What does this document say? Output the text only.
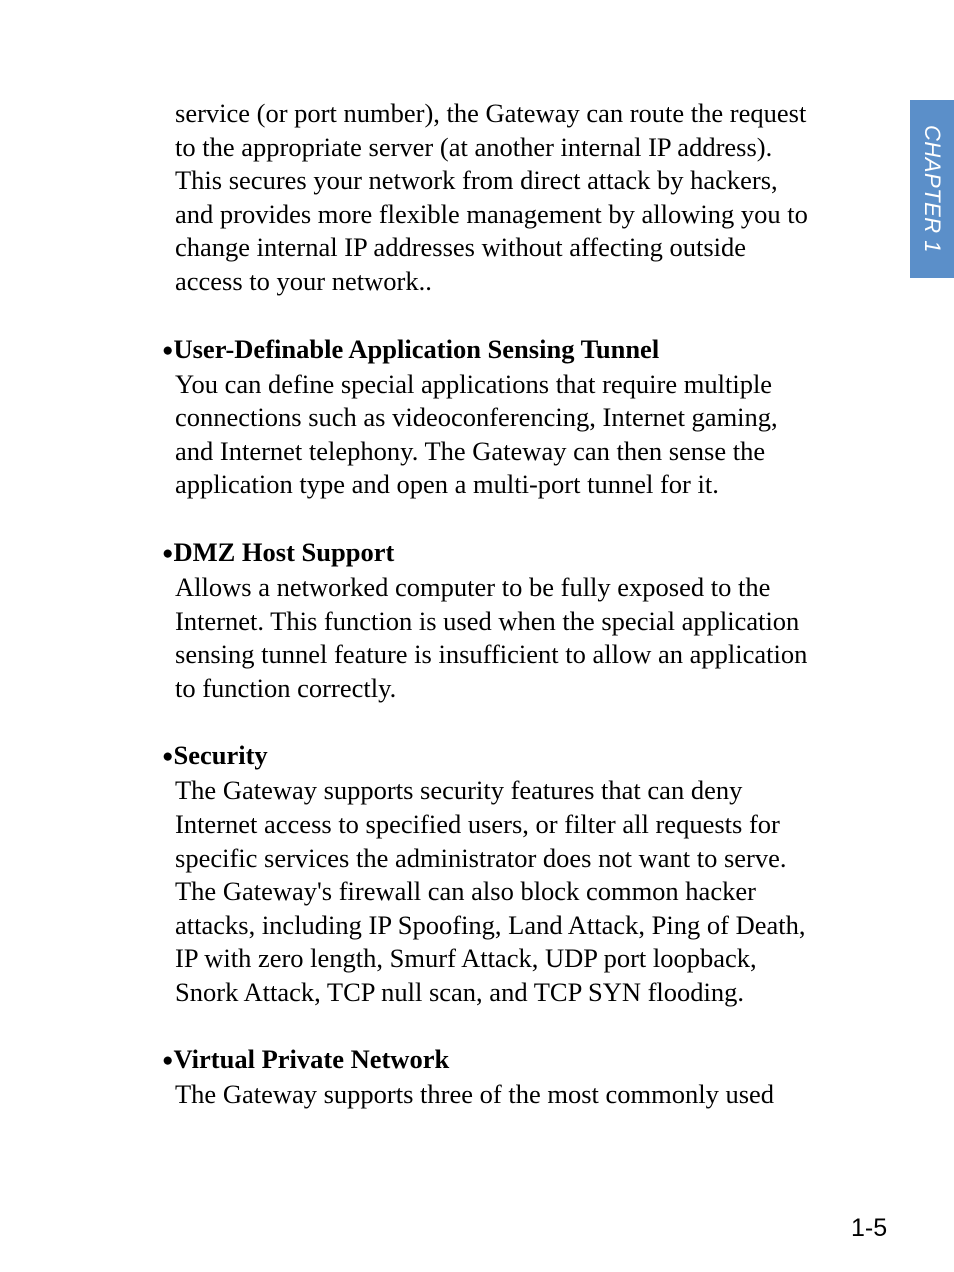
CHAPTER 1

service (or port number), the Gateway can route the request
to the appropriate server (at another internal IP address).
This secures your network from direct attack by hackers,
and provides more flexible management by allowing you to
change internal IP addresses without affecting outside
access to your network..

●User-Definable Application Sensing Tunnel

You can define special applications that require multiple
connections such as videoconferencing, Internet gaming,
and Internet telephony. The Gateway can then sense the
application type and open a multi-port tunnel for it.

●DMZ Host Support

Allows a networked computer to be fully exposed to the
Internet. This function is used when the special application
sensing tunnel feature is insufficient to allow an application
to function correctly.

●Security

The Gateway supports security features that can deny
Internet access to specified users, or filter all requests for
specific services the administrator does not want to serve.
The Gateway's firewall can also block common hacker
attacks, including IP Spoofing, Land Attack, Ping of Death,
IP with zero length, Smurf Attack, UDP port loopback,
Snork Attack, TCP null scan, and TCP SYN flooding.

●Virtual Private Network

The Gateway supports three of the most commonly used

1-5
